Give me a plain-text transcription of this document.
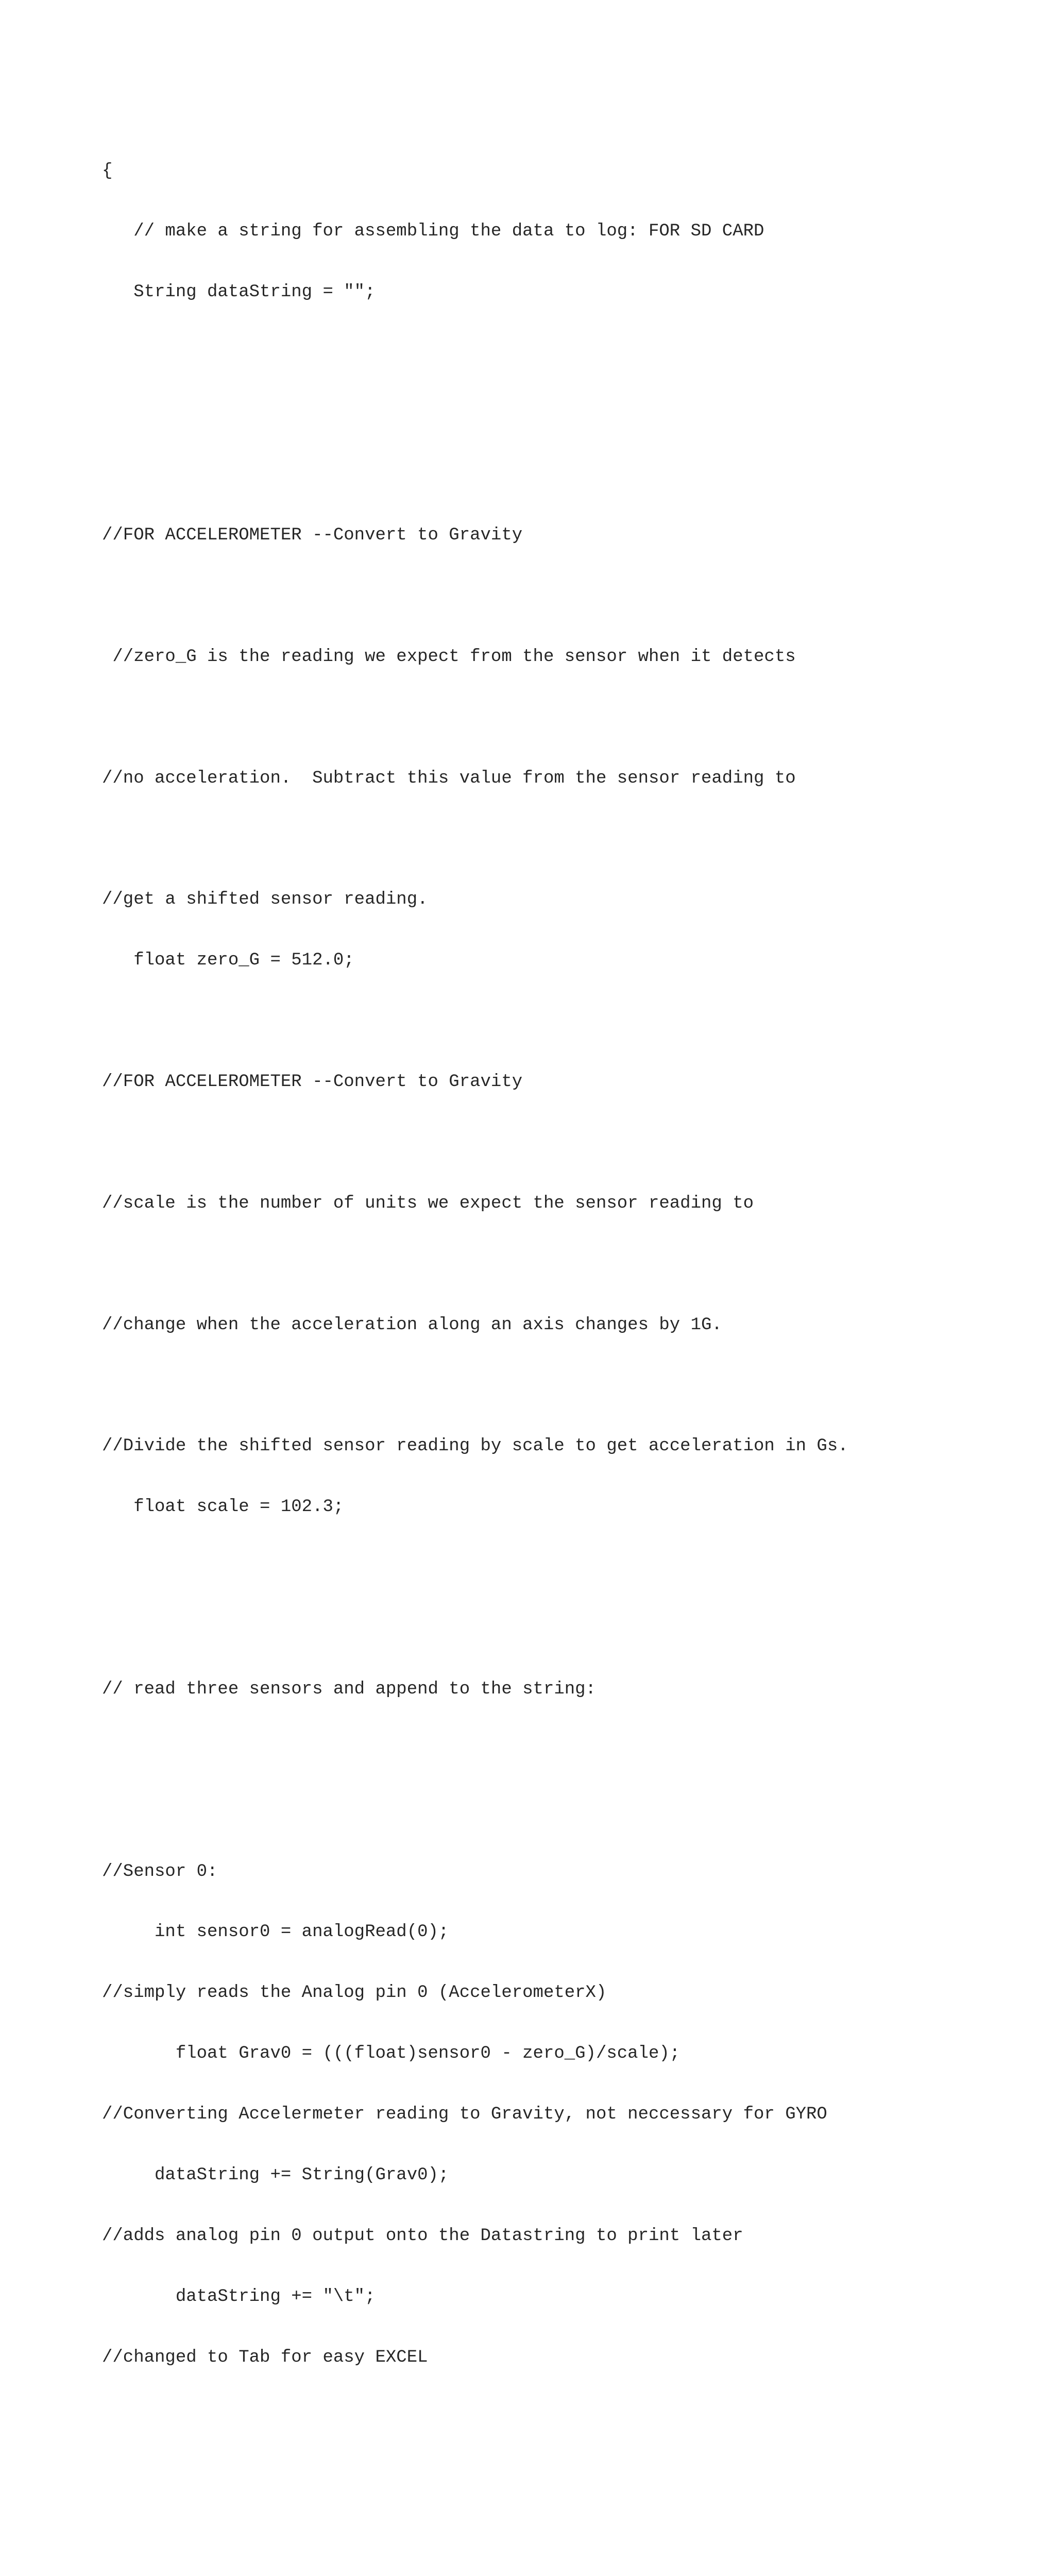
{

// make a string for assembling the data to log: FOR SD CARD

String dataString = "";

//FOR ACCELEROMETER --Convert to Gravity

//zero_G is the reading we expect from the sensor when it detects

//no acceleration.  Subtract this value from the sensor reading to

//get a shifted sensor reading.

float zero_G = 512.0;

//FOR ACCELEROMETER --Convert to Gravity

//scale is the number of units we expect the sensor reading to

//change when the acceleration along an axis changes by 1G.

//Divide the shifted sensor reading by scale to get acceleration in Gs.

float scale = 102.3;

// read three sensors and append to the string:

//Sensor 0:

int sensor0 = analogRead(0);

//simply reads the Analog pin 0 (AccelerometerX)

float Grav0 = (((float)sensor0 - zero_G)/scale);

//Converting Accelermeter reading to Gravity, not neccessary for GYRO

dataString += String(Grav0);

//adds analog pin 0 output onto the Datastring to print later

dataString += "\t";

//changed to Tab for easy EXCEL
